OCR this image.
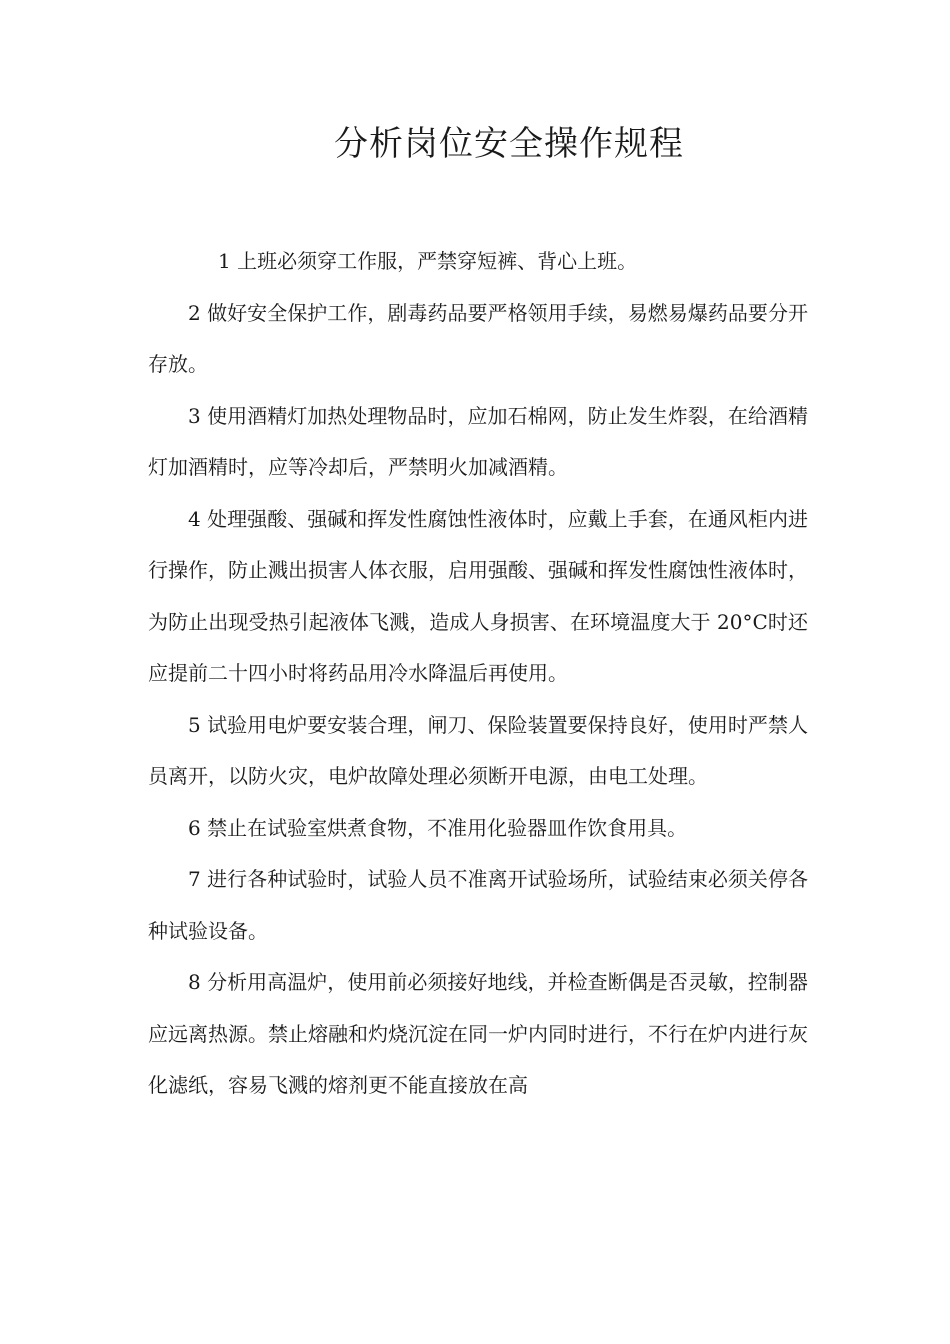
分析岗位安全操作规程

1 上班必须穿工作服，严禁穿短裤、背心上班。

2 做好安全保护工作，剧毒药品要严格领用手续，易燃易爆药品要分开存放。

3 使用酒精灯加热处理物品时，应加石棉网，防止发生炸裂，在给酒精灯加酒精时，应等冷却后，严禁明火加减酒精。

4 处理强酸、强碱和挥发性腐蚀性液体时，应戴上手套，在通风柜内进行操作，防止溅出损害人体衣服，启用强酸、强碱和挥发性腐蚀性液体时，为防止出现受热引起液体飞溅，造成人身损害、在环境温度大于 20°C时还应提前二十四小时将药品用冷水降温后再使用。

5 试验用电炉要安装合理，闸刀、保险装置要保持良好，使用时严禁人员离开，以防火灾，电炉故障处理必须断开电源，由电工处理。

6 禁止在试验室烘煮食物，不准用化验器皿作饮食用具。

7 进行各种试验时，试验人员不准离开试验场所，试验结束必须关停各种试验设备。

8 分析用高温炉，使用前必须接好地线，并检查断偶是否灵敏，控制器应远离热源。禁止熔融和灼烧沉淀在同一炉内同时进行，不行在炉内进行灰化滤纸，容易飞溅的熔剂更不能直接放在高
